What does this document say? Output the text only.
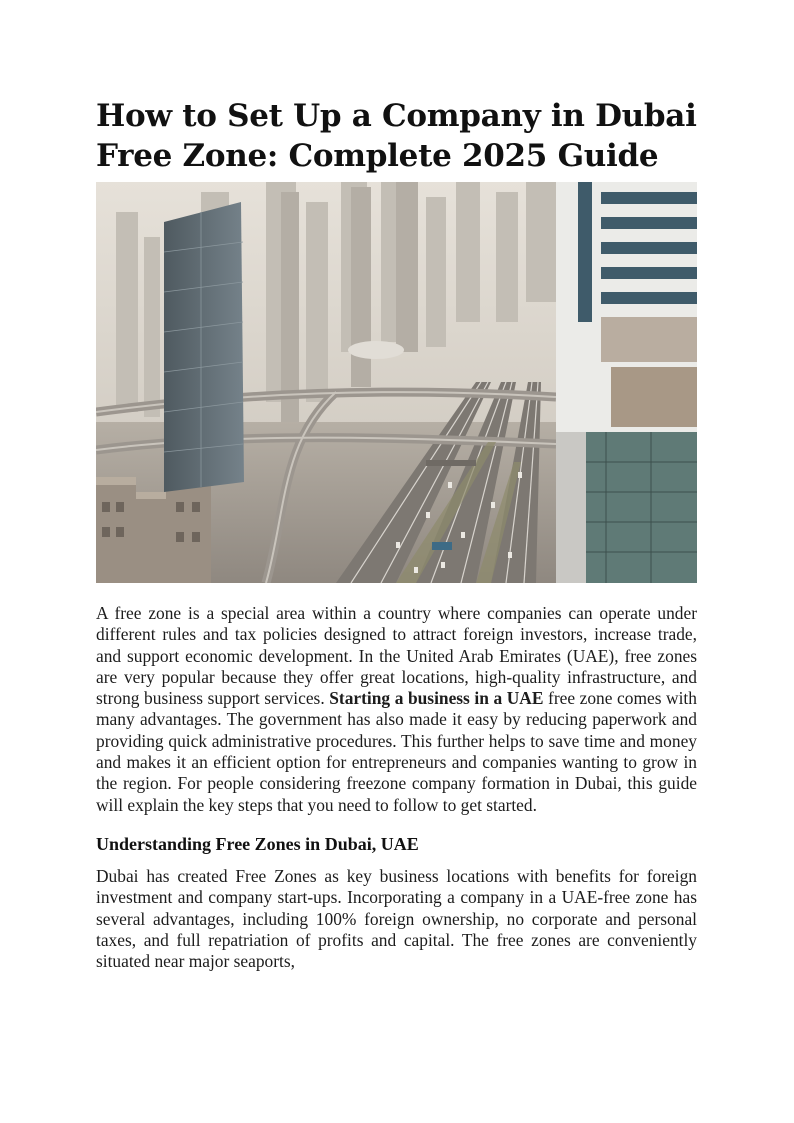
How to Set Up a Company in Dubai
Free Zone: Complete 2025 Guide

A free zone is a special area within a country where companies can operate under different rules and tax policies designed to attract foreign investors, increase trade, and support economic development. In the United Arab Emirates (UAE), free zones are very popular because they offer great locations, high-quality infrastructure, and strong business support services. Starting a business in a UAE free zone comes with many advantages. The government has also made it easy by reducing paperwork and providing quick administrative procedures. This further helps to save time and money and makes it an efficient option for entrepreneurs and companies wanting to grow in the region. For people considering freezone company formation in Dubai, this guide will explain the key steps that you need to follow to get started.

Understanding Free Zones in Dubai, UAE

Dubai has created Free Zones as key business locations with benefits for foreign investment and company start-ups. Incorporating a company in a UAE-free zone has several advantages, including 100% foreign ownership, no corporate and personal taxes, and full repatriation of profits and capital. The free zones are conveniently situated near major seaports,
